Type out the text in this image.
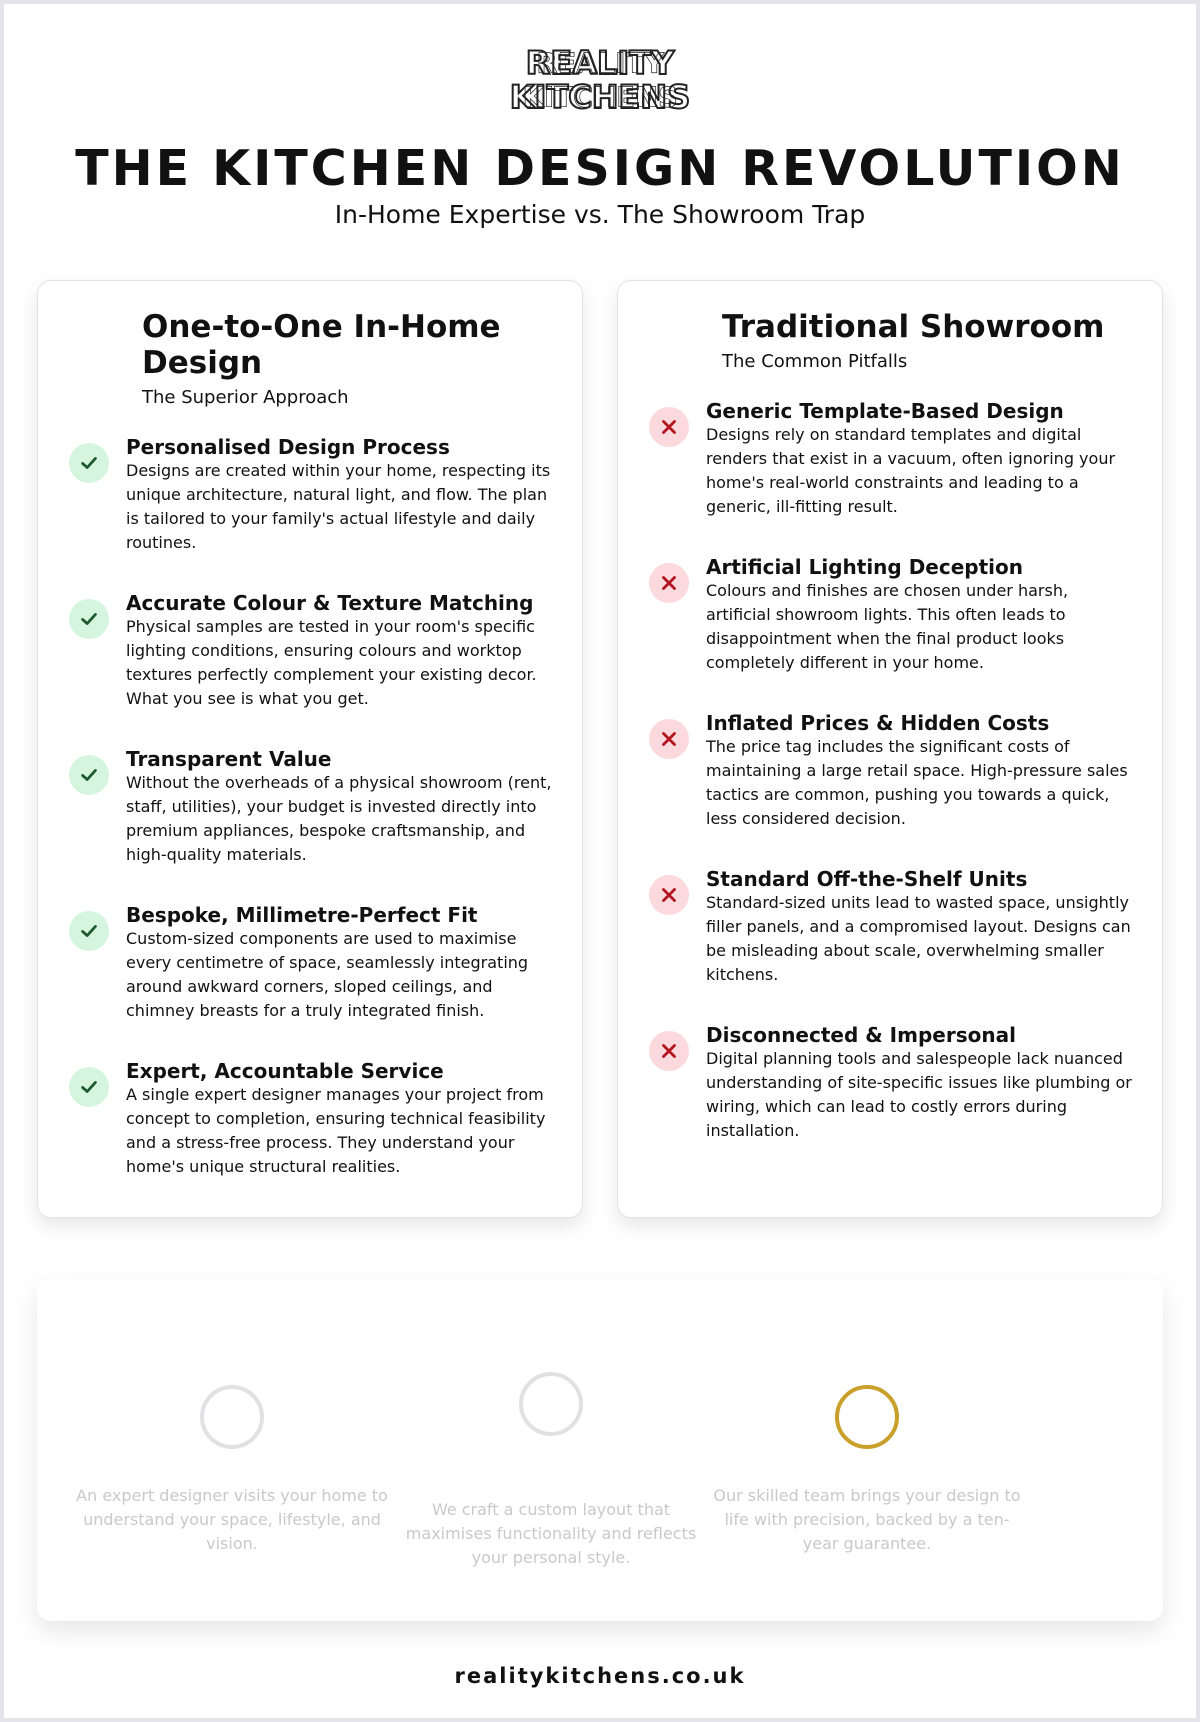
REALITY REALITY
KITCHENS KITCHENS
THE KITCHEN DESIGN REVOLUTION
In-Home Expertise vs. The Showroom Trap
One-to-One In-Home
Design
The Superior Approach
Personalised Design Process
Designs are created within your home, respecting its
unique architecture, natural light, and flow. The plan
is tailored to your family's actual lifestyle and daily
routines.
Accurate Colour & Texture Matching
Physical samples are tested in your room's specific
lighting conditions, ensuring colours and worktop
textures perfectly complement your existing decor.
What you see is what you get.
Transparent Value
Without the overheads of a physical showroom (rent,
staff, utilities), your budget is invested directly into
premium appliances, bespoke craftsmanship, and
high-quality materials.
Bespoke, Millimetre-Perfect Fit
Custom-sized components are used to maximise
every centimetre of space, seamlessly integrating
around awkward corners, sloped ceilings, and
chimney breasts for a truly integrated finish.
Expert, Accountable Service
A single expert designer manages your project from
concept to completion, ensuring technical feasibility
and a stress-free process. They understand your
home's unique structural realities.
Traditional Showroom
The Common Pitfalls
Generic Template-Based Design
Designs rely on standard templates and digital
renders that exist in a vacuum, often ignoring your
home's real-world constraints and leading to a
generic, ill-fitting result.
Artificial Lighting Deception
Colours and finishes are chosen under harsh,
artificial showroom lights. This often leads to
disappointment when the final product looks
completely different in your home.
Inflated Prices & Hidden Costs
The price tag includes the significant costs of
maintaining a large retail space. High-pressure sales
tactics are common, pushing you towards a quick,
less considered decision.
Standard Off-the-Shelf Units
Standard-sized units lead to wasted space, unsightly
filler panels, and a compromised layout. Designs can
be misleading about scale, overwhelming smaller
kitchens.
Disconnected & Impersonal
Digital planning tools and salespeople lack nuanced
understanding of site-specific issues like plumbing or
wiring, which can lead to costly errors during
installation.
An expert designer visits your home to
understand your space, lifestyle, and
vision.
We craft a custom layout that
maximises functionality and reflects
your personal style.
Our skilled team brings your design to
life with precision, backed by a ten-
year guarantee.
realitykitchens.co.uk
